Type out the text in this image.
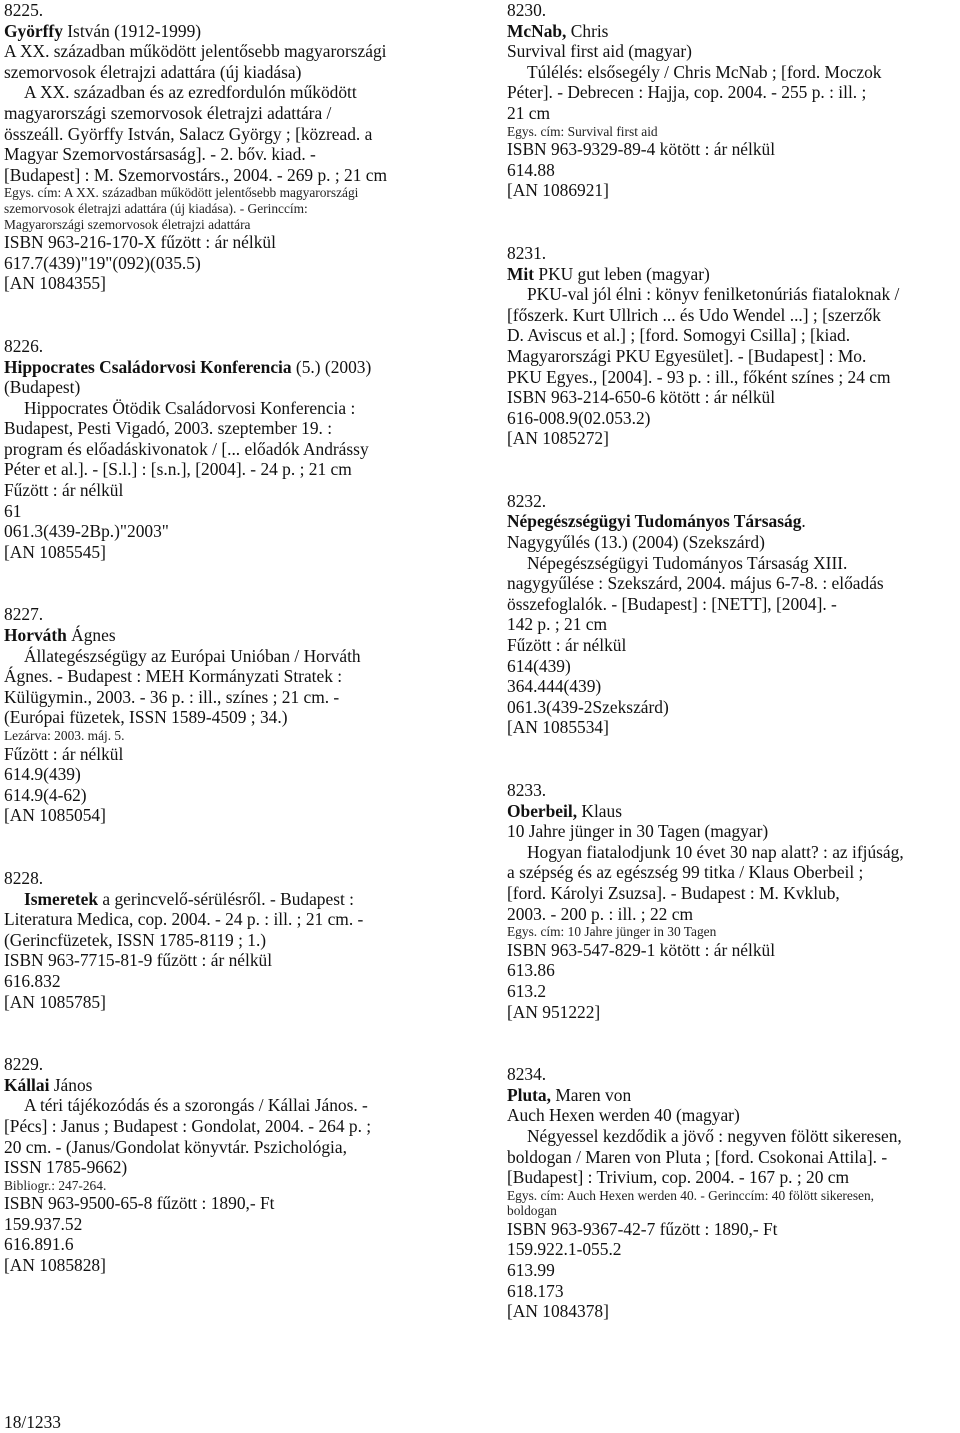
8225.
Györffy István (1912-1999)
A XX. században működött jelentősebb magyarországi
szemorvosok életrajzi adattára (új kiadása)
A XX. században és az ezredfordulón működött
magyarországi szemorvosok életrajzi adattára /
összeáll. Györffy István, Salacz György ; [közread. a
Magyar Szemorvostársaság]. - 2. bőv. kiad. -
[Budapest] : M. Szemorvostárs., 2004. - 269 p. ; 21 cm
Egys. cím: A XX. században működött jelentősebb magyarországi
szemorvosok életrajzi adattára (új kiadása). - Gerinccím:
Magyarországi szemorvosok életrajzi adattára
ISBN 963-216-170-X fűzött : ár nélkül
617.7(439)"19"(092)(035.5)
[AN 1084355]
8226.
Hippocrates Családorvosi Konferencia (5.) (2003)
(Budapest)
Hippocrates Ötödik Családorvosi Konferencia :
Budapest, Pesti Vigadó, 2003. szeptember 19. :
program és előadáskivonatok / [... előadók Andrássy
Péter et al.]. - [S.l.] : [s.n.], [2004]. - 24 p. ; 21 cm
Fűzött : ár nélkül
61
061.3(439-2Bp.)"2003"
[AN 1085545]
8227.
Horváth Ágnes
Állategészségügy az Európai Unióban / Horváth
Ágnes. - Budapest : MEH Kormányzati Stratek :
Külügymin., 2003. - 36 p. : ill., színes ; 21 cm. -
(Európai füzetek, ISSN 1589-4509 ; 34.)
Lezárva: 2003. máj. 5.
Fűzött : ár nélkül
614.9(439)
614.9(4-62)
[AN 1085054]
8228.
Ismeretek a gerincvelő-sérülésről. - Budapest :
Literatura Medica, cop. 2004. - 24 p. : ill. ; 21 cm. -
(Gerincfüzetek, ISSN 1785-8119 ; 1.)
ISBN 963-7715-81-9 fűzött : ár nélkül
616.832
[AN 1085785]
8229.
Kállai János
A téri tájékozódás és a szorongás / Kállai János. -
[Pécs] : Janus ; Budapest : Gondolat, 2004. - 264 p. ;
20 cm. - (Janus/Gondolat könyvtár. Pszichológia,
ISSN 1785-9662)
Bibliogr.: 247-264.
ISBN 963-9500-65-8 fűzött : 1890,- Ft
159.937.52
616.891.6
[AN 1085828]
8230.
McNab, Chris
Survival first aid (magyar)
Túlélés: elsősegély / Chris McNab ; [ford. Moczok
Péter]. - Debrecen : Hajja, cop. 2004. - 255 p. : ill. ;
21 cm
Egys. cím: Survival first aid
ISBN 963-9329-89-4 kötött : ár nélkül
614.88
[AN 1086921]
8231.
Mit PKU gut leben (magyar)
PKU-val jól élni : könyv fenilketonúriás fiataloknak /
[főszerk. Kurt Ullrich ... és Udo Wendel ...] ; [szerzők
D. Aviscus et al.] ; [ford. Somogyi Csilla] ; [kiad.
Magyarországi PKU Egyesület]. - [Budapest] : Mo.
PKU Egyes., [2004]. - 93 p. : ill., főként színes ; 24 cm
ISBN 963-214-650-6 kötött : ár nélkül
616-008.9(02.053.2)
[AN 1085272]
8232.
Népegészségügyi Tudományos Társaság.
Nagygyűlés (13.) (2004) (Szekszárd)
Népegészségügyi Tudományos Társaság XIII.
nagygyűlése : Szekszárd, 2004. május 6-7-8. : előadás
összefoglalók. - [Budapest] : [NETT], [2004]. -
142 p. ; 21 cm
Fűzött : ár nélkül
614(439)
364.444(439)
061.3(439-2Szekszárd)
[AN 1085534]
8233.
Oberbeil, Klaus
10 Jahre jünger in 30 Tagen (magyar)
Hogyan fiatalodjunk 10 évet 30 nap alatt? : az ifjúság,
a szépség és az egészség 99 titka / Klaus Oberbeil ;
[ford. Károlyi Zsuzsa]. - Budapest : M. Kvklub,
2003. - 200 p. : ill. ; 22 cm
Egys. cím: 10 Jahre jünger in 30 Tagen
ISBN 963-547-829-1 kötött : ár nélkül
613.86
613.2
[AN 951222]
8234.
Pluta, Maren von
Auch Hexen werden 40 (magyar)
Négyessel kezdődik a jövő : negyven fölött sikeresen,
boldogan / Maren von Pluta ; [ford. Csokonai Attila]. -
[Budapest] : Trivium, cop. 2004. - 167 p. ; 20 cm
Egys. cím: Auch Hexen werden 40. - Gerinccím: 40 fölött sikeresen,
boldogan
ISBN 963-9367-42-7 fűzött : 1890,- Ft
159.922.1-055.2
613.99
618.173
[AN 1084378]
18/1233
